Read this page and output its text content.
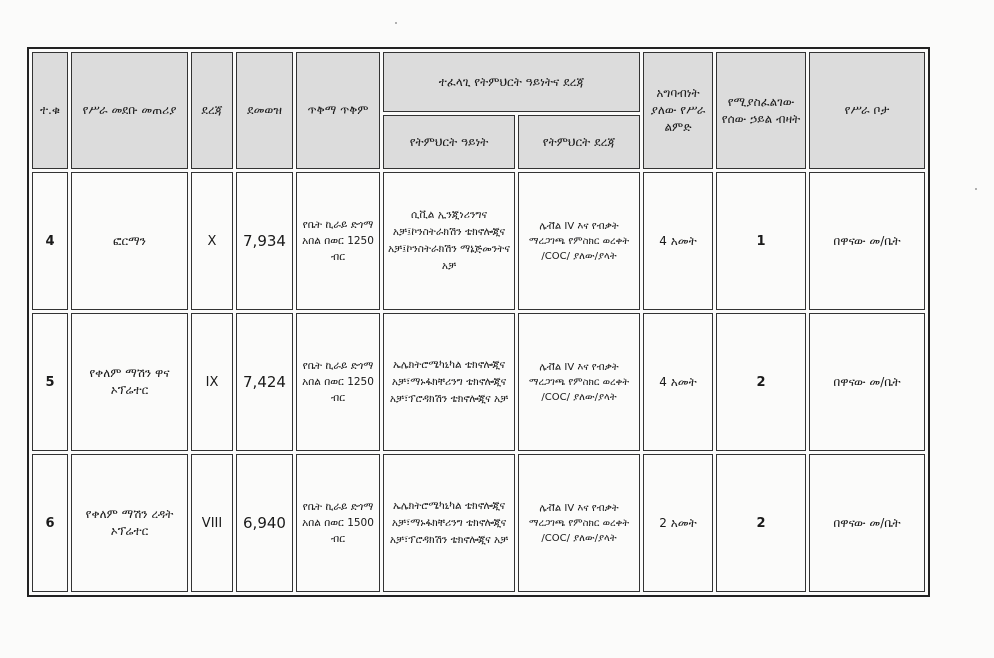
ተ.ቁ	የሥራ መደቡ መጠሪያ	ደረጃ	ደመወዝ	ጥቅማ ጥቅም	ተፈላጊ የትምህርት ዓይነትና ደረጃ		አግባብነት ያለው የሥራ ልምድ	የሚያስፈልገው የሰው ኃይል ብዛት	የሥራ ቦታ
					የትምህርት ዓይነት	የትምህርት ደረጃ			
4	ፎርማን	X	7,934	የቤት ኪራይ ድጎማ አበል በወር 1250 ብር	ሲቪል ኢንጂነሪንግና አቻ፤ኮንስትራክሽን ቴክኖሎጂና አቻ፤ኮንስትራክሽን ማኔጅመንትና አቻ	ሌቭል IV እና የብቃት ማረጋገጫ የምስክር ወረቀት /COC/ ያለው/ያላት	4 አመት	1	በዋናው መ/ቤት
5	የቀለም ማሽን ዋና ኦፕሬተር	IX	7,424	የቤት ኪራይ ድጎማ አበል በወር 1250 ብር	ኤሌክትሮሜካኒካል ቴክኖሎጂና አቻ፣ማኑፋክቸሪንግ ቴክኖሎጂና አቻ፣ፕሮዳክሽን ቴክኖሎጂና አቻ	ሌቭል IV እና የብቃት ማረጋገጫ የምስክር ወረቀት /COC/ ያለው/ያላት	4 አመት	2	በዋናው መ/ቤት
6	የቀለም ማሽን ረዳት ኦፕሬተር	VIII	6,940	የቤት ኪራይ ድጎማ አበል በወር 1500 ብር	ኤሌክትሮሜካኒካል ቴክኖሎጂና አቻ፣ማኑፋክቸሪንግ ቴክኖሎጂና አቻ፣ፕሮዳክሽን ቴክኖሎጂና አቻ	ሌቭል IV እና የብቃት ማረጋገጫ የምስክር ወረቀት /COC/ ያለው/ያላት	2 አመት	2	በዋናው መ/ቤት
